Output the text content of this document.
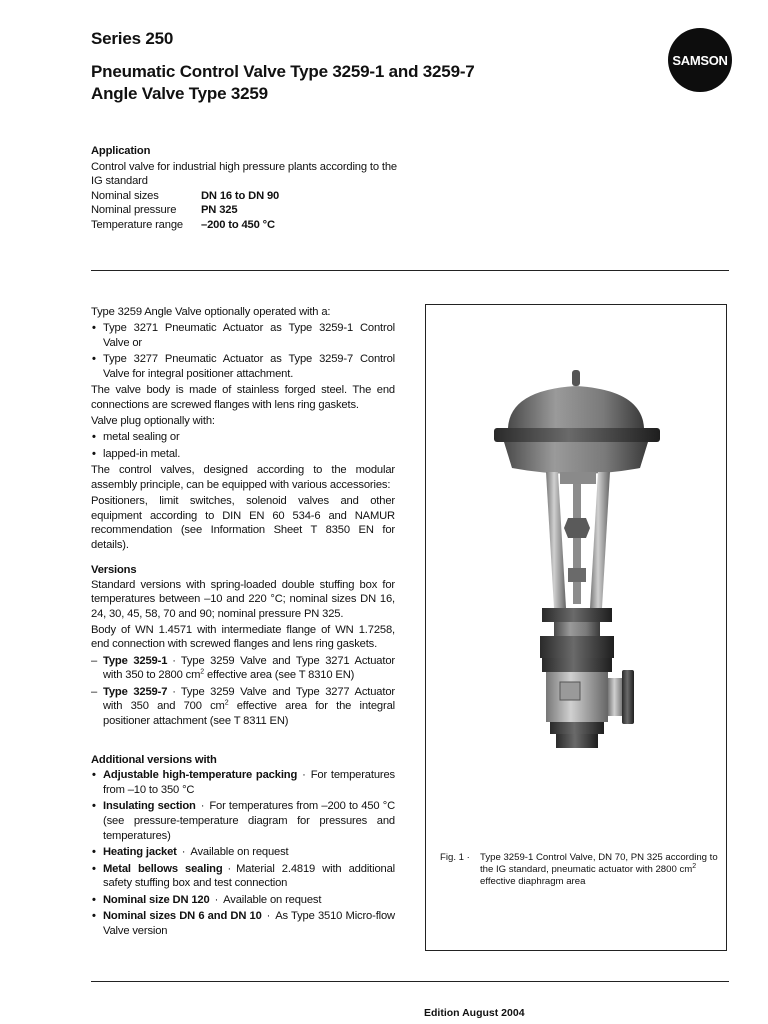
Series 250
Pneumatic Control Valve Type 3259-1 and 3259-7
Angle Valve Type 3259
SAMSON
Application

Control valve for industrial high pressure plants according to the IG standard

Nominal sizes	DN 16 to DN 90
Nominal pressure	PN 325
Temperature range	–200 to 450 °C

Type 3259 Angle Valve optionally operated with a:

• Type 3271 Pneumatic Actuator as Type 3259-1 Control Valve or
• Type 3277 Pneumatic Actuator as Type 3259-7 Control Valve for integral positioner attachment.

The valve body is made of stainless forged steel. The end connections are screwed flanges with lens ring gaskets.

Valve plug optionally with:

• metal sealing or
• lapped-in metal.

The control valves, designed according to the modular assembly principle, can be equipped with various accessories:

Positioners, limit switches, solenoid valves and other equipment according to DIN EN 60 534-6 and NAMUR recommendation (see Information Sheet T 8350 EN for details).

Versions

Standard versions with spring-loaded double stuffing box for temperatures between –10 and 220 °C; nominal sizes DN 16, 24, 30, 45, 58, 70 and 90; nominal pressure PN 325.

Body of WN 1.4571 with intermediate flange of WN 1.7258, end connection with screwed flanges and lens ring gaskets.

– Type 3259-1 · Type 3259 Valve and Type 3271 Actuator with 350 to 2800 $cm^2$ effective area (see T 8310 EN)
– Type 3259-7 · Type 3259 Valve and Type 3277 Actuator with 350 and 700 $cm^2$ effective area for the integral positioner attachment (see T 8311 EN)
Additional versions with
• Adjustable high-temperature packing · For temperatures from –10 to 350 °C
• Insulating section · For temperatures from –200 to 450 °C (see pressure-temperature diagram for pressures and temperatures)
• Heating jacket · Available on request
• Metal bellows sealing · Material 2.4819 with additional safety stuffing box and test connection
• Nominal size DN 120 · Available on request
• Nominal sizes DN 6 and DN 10 · As Type 3510 Micro-flow Valve version
Fig. 1 ·	Type 3259-1 Control Valve, DN 70, PN 325 according to the IG standard, pneumatic actuator with 2800 $cm^2$ effective diaphragm area
Edition August 2004
